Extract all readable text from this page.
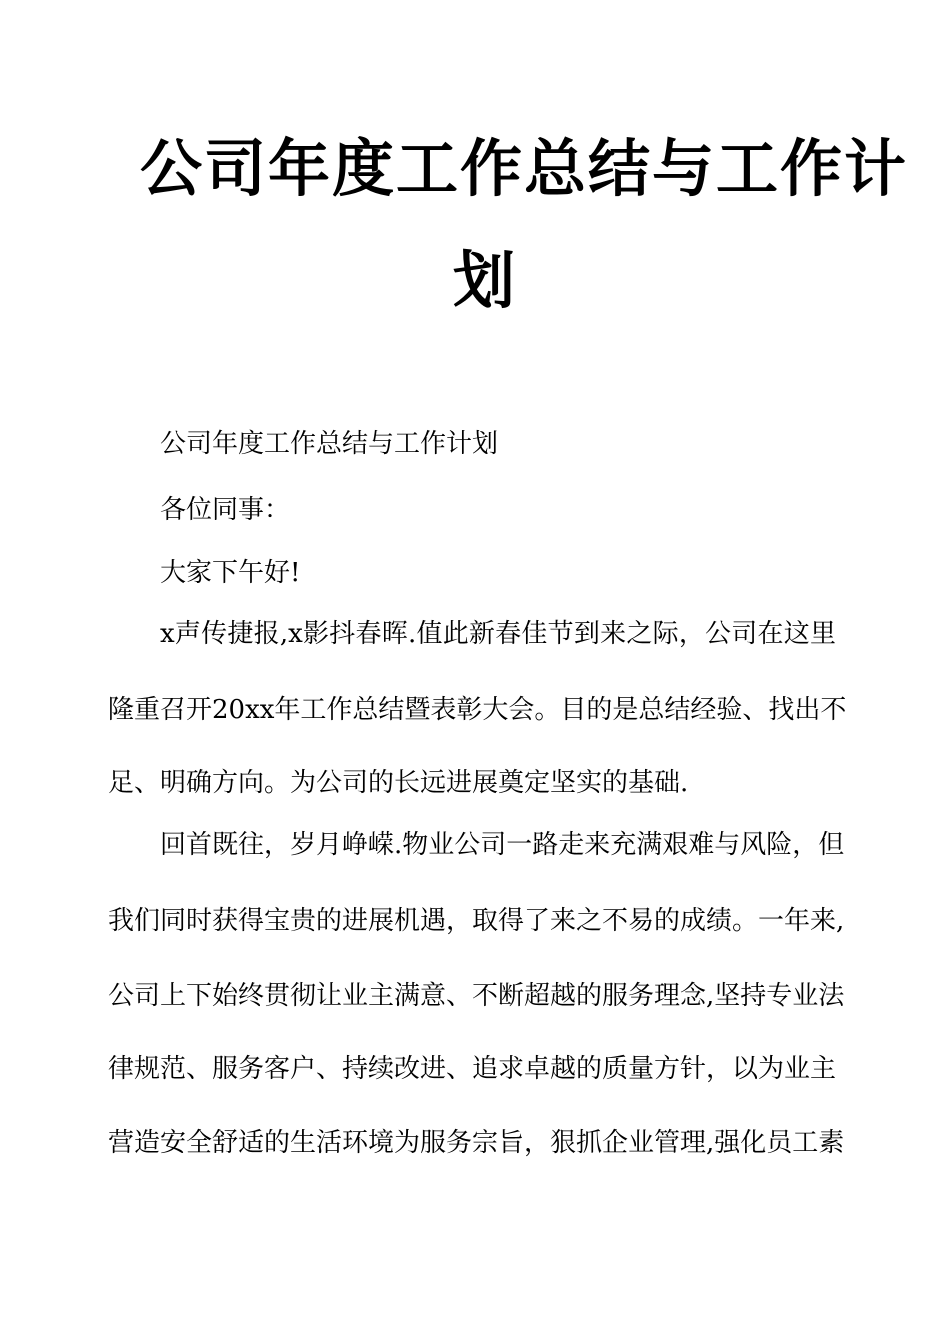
公司年度工作总结与工作计
划

公司年度工作总结与工作计划

各位同事：

大家下午好!

x声传捷报,x影抖春晖.值此新春佳节到来之际，公司在这里

隆重召开20xx年工作总结暨表彰大会。目的是总结经验、找出不

足、明确方向。为公司的长远进展奠定坚实的基础.

回首既往，岁月峥嵘.物业公司一路走来充满艰难与风险，但

我们同时获得宝贵的进展机遇，取得了来之不易的成绩。一年来,

公司上下始终贯彻让业主满意、不断超越的服务理念,坚持专业法

律规范、服务客户、持续改进、追求卓越的质量方针，以为业主

营造安全舒适的生活环境为服务宗旨，狠抓企业管理,强化员工素
